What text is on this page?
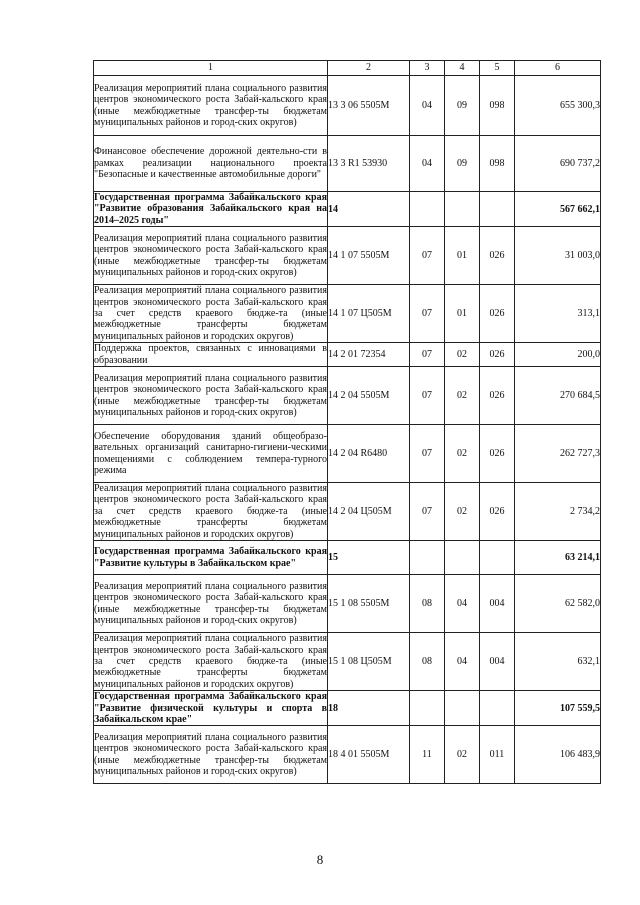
1	2	3	4	5	6
Реализация мероприятий плана социального развития центров экономического роста Забай-кальского края (иные межбюджетные трансфер-ты бюджетам муниципальных районов и город-ских округов)	13 3 06 5505M	04	09	098	655 300,3
Финансовое обеспечение дорожной деятельно-сти в рамках реализации национального проекта "Безопасные и качественные автомобильные дороги"	13 3 R1 53930	04	09	098	690 737,2
Государственная программа Забайкальского края "Развитие образования Забайкальского края на 2014–2025 годы"	14				567 662,1
Реализация мероприятий плана социального развития центров экономического роста Забай-кальского края (иные межбюджетные трансфер-ты бюджетам муниципальных районов и город-ских округов)	14 1 07 5505M	07	01	026	31 003,0
Реализация мероприятий плана социального развития центров экономического роста Забай-кальского края за счет средств краевого бюдже-та (иные межбюджетные трансферты бюджетам муниципальных районов и городских округов)	14 1 07 Ц505M	07	01	026	313,1
Поддержка проектов, связанных с инновациями в образовании	14 2 01 72354	07	02	026	200,0
Реализация мероприятий плана социального развития центров экономического роста Забай-кальского края (иные межбюджетные трансфер-ты бюджетам муниципальных районов и город-ских округов)	14 2 04 5505M	07	02	026	270 684,5
Обеспечение оборудования зданий общеобразо-вательных организаций санитарно-гигиени-ческими помещениями с соблюдением темпера-турного режима	14 2 04 R6480	07	02	026	262 727,3
Реализация мероприятий плана социального развития центров экономического роста Забай-кальского края за счет средств краевого бюдже-та (иные межбюджетные трансферты бюджетам муниципальных районов и городских округов)	14 2 04 Ц505M	07	02	026	2 734,2
Государственная программа Забайкальского края "Развитие культуры в Забайкальском крае"	15				63 214,1
Реализация мероприятий плана социального развития центров экономического роста Забай-кальского края (иные межбюджетные трансфер-ты бюджетам муниципальных районов и город-ских округов)	15 1 08 5505M	08	04	004	62 582,0
Реализация мероприятий плана социального развития центров экономического роста Забай-кальского края за счет средств краевого бюдже-та (иные межбюджетные трансферты бюджетам муниципальных районов и городских округов)	15 1 08 Ц505M	08	04	004	632,1
Государственная программа Забайкальского края "Развитие физической культуры и спорта в Забайкальском крае"	18				107 559,5
Реализация мероприятий плана социального развития центров экономического роста Забай-кальского края (иные межбюджетные трансфер-ты бюджетам муниципальных районов и город-ских округов)	18 4 01 5505M	11	02	011	106 483,9
8
